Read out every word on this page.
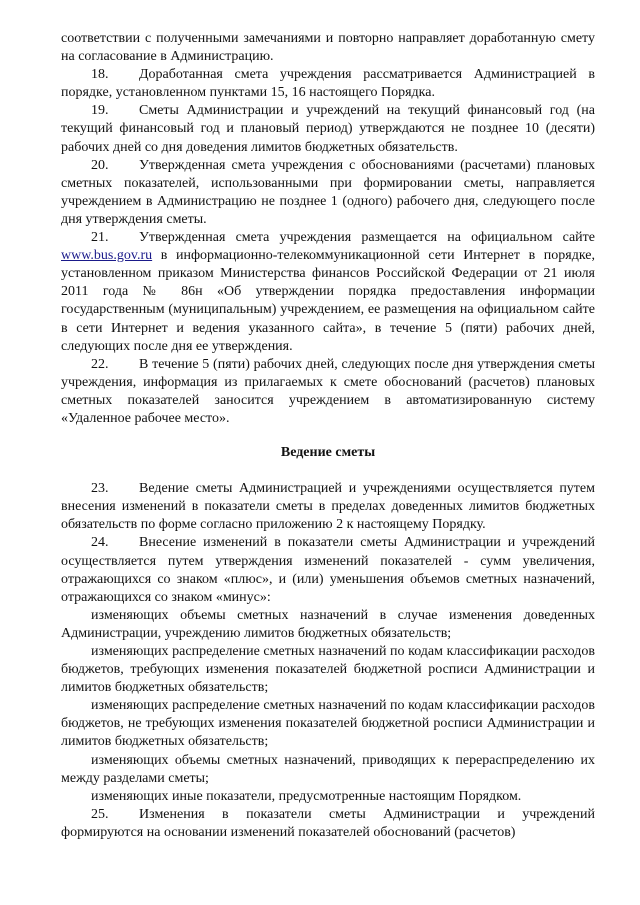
соответствии с полученными замечаниями и повторно направляет доработанную смету на согласование в Администрацию.

18. Доработанная смета учреждения рассматривается Администрацией в порядке, установленном пунктами 15, 16 настоящего Порядка.

19. Сметы Администрации и учреждений на текущий финансовый год (на текущий финансовый год и плановый период) утверждаются не позднее 10 (десяти) рабочих дней со дня доведения лимитов бюджетных обязательств.

20. Утвержденная смета учреждения с обоснованиями (расчетами) плановых сметных показателей, использованными при формировании сметы, направляется учреждением в Администрацию не позднее 1 (одного) рабочего дня, следующего после дня утверждения сметы.

21. Утвержденная смета учреждения размещается на официальном сайте www.bus.gov.ru в информационно-телекоммуникационной сети Интернет в порядке, установленном приказом Министерства финансов Российской Федерации от 21 июля 2011 года № 86н «Об утверждении порядка предоставления информации государственным (муниципальным) учреждением, ее размещения на официальном сайте в сети Интернет и ведения указанного сайта», в течение 5 (пяти) рабочих дней, следующих после дня ее утверждения.

22. В течение 5 (пяти) рабочих дней, следующих после дня утверждения сметы учреждения, информация из прилагаемых к смете обоснований (расчетов) плановых сметных показателей заносится учреждением в автоматизированную систему «Удаленное рабочее место».

Ведение сметы

23. Ведение сметы Администрацией и учреждениями осуществляется путем внесения изменений в показатели сметы в пределах доведенных лимитов бюджетных обязательств по форме согласно приложению 2 к настоящему Порядку.

24. Внесение изменений в показатели сметы Администрации и учреждений осуществляется путем утверждения изменений показателей - сумм увеличения, отражающихся со знаком «плюс», и (или) уменьшения объемов сметных назначений, отражающихся со знаком «минус»:

изменяющих объемы сметных назначений в случае изменения доведенных Администрации, учреждению лимитов бюджетных обязательств;

изменяющих распределение сметных назначений по кодам классификации расходов бюджетов, требующих изменения показателей бюджетной росписи Администрации и лимитов бюджетных обязательств;

изменяющих распределение сметных назначений по кодам классификации расходов бюджетов, не требующих изменения показателей бюджетной росписи Администрации и лимитов бюджетных обязательств;

изменяющих объемы сметных назначений, приводящих к перераспределению их между разделами сметы;

изменяющих иные показатели, предусмотренные настоящим Порядком.

25. Изменения в показатели сметы Администрации и учреждений формируются на основании изменений показателей обоснований (расчетов)
